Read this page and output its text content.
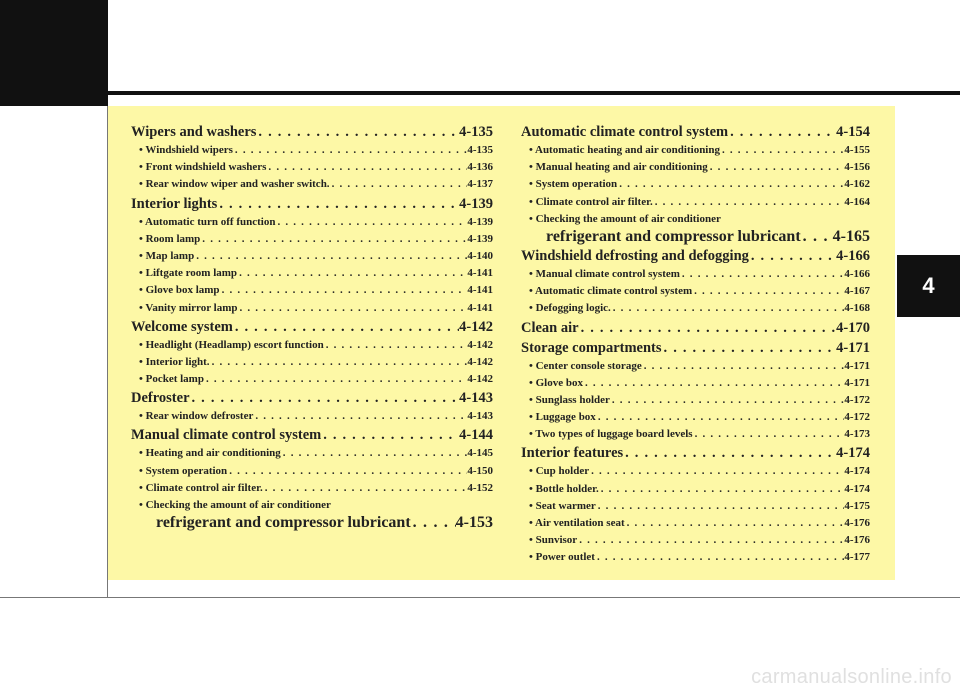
4
Wipers and washers . . .	4-135
• Windshield wipers . . .	4-135
• Front windshield washers . . .	4-136
• Rear window wiper and washer switch. . . .	4-137
Interior lights . . .	4-139
• Automatic turn off function . . .	4-139
• Room lamp . . .	4-139
• Map lamp . . .	4-140
• Liftgate room lamp . . .	4-141
• Glove box lamp . . .	4-141
• Vanity mirror lamp . . .	4-141
Welcome system . . .	4-142
• Headlight (Headlamp) escort function . . .	4-142
• Interior light. . . .	4-142
• Pocket lamp . . .	4-142
Defroster . . .	4-143
• Rear window defroster . . .	4-143
Manual climate control system . . .	4-144
• Heating and air conditioning . . .	4-145
• System operation . . .	4-150
• Climate control air filter. . . .	4-152
• Checking the amount of air conditioner
refrigerant and compressor lubricant . . .	4-153
Automatic climate control system . . .	4-154
• Automatic heating and air conditioning . . .	4-155
• Manual heating and air conditioning . . .	4-156
• System operation . . .	4-162
• Climate control air filter. . . .	4-164
• Checking the amount of air conditioner
refrigerant and compressor lubricant . . . 4-165
Windshield defrosting and defogging . . .	4-166
• Manual climate control system . . .	4-166
• Automatic climate control system . . .	4-167
• Defogging logic. . . .	4-168
Clean air . . .	4-170
Storage compartments . . .	4-171
• Center console storage . . .	4-171
• Glove box . . .	4-171
• Sunglass holder . . .	4-172
• Luggage box . . .	4-172
• Two types of luggage board levels . . .	4-173
Interior features . . .	4-174
• Cup holder . . .	4-174
• Bottle holder. . . .	4-174
• Seat warmer . . .	4-175
• Air ventilation seat . . .	4-176
• Sunvisor . . .	4-176
• Power outlet . . .	4-177
carmanualsonline.info
